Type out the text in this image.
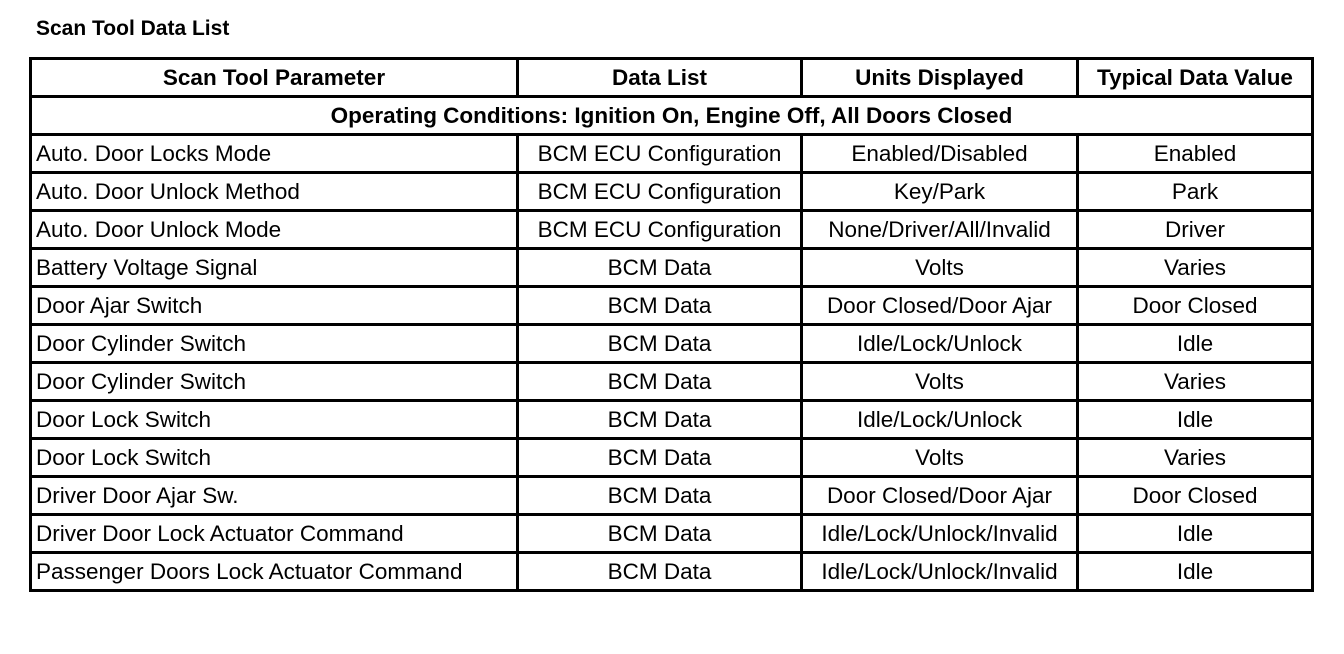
Scan Tool Data List
Scan Tool Parameter	Data List	Units Displayed	Typical Data Value
Operating Conditions: Ignition On, Engine Off, All Doors Closed			
Auto. Door Locks Mode	BCM ECU Configuration	Enabled/Disabled	Enabled
Auto. Door Unlock Method	BCM ECU Configuration	Key/Park	Park
Auto. Door Unlock Mode	BCM ECU Configuration	None/Driver/All/Invalid	Driver
Battery Voltage Signal	BCM Data	Volts	Varies
Door Ajar Switch	BCM Data	Door Closed/Door Ajar	Door Closed
Door Cylinder Switch	BCM Data	Idle/Lock/Unlock	Idle
Door Cylinder Switch	BCM Data	Volts	Varies
Door Lock Switch	BCM Data	Idle/Lock/Unlock	Idle
Door Lock Switch	BCM Data	Volts	Varies
Driver Door Ajar Sw.	BCM Data	Door Closed/Door Ajar	Door Closed
Driver Door Lock Actuator Command	BCM Data	Idle/Lock/Unlock/Invalid	Idle
Passenger Doors Lock Actuator Command	BCM Data	Idle/Lock/Unlock/Invalid	Idle
